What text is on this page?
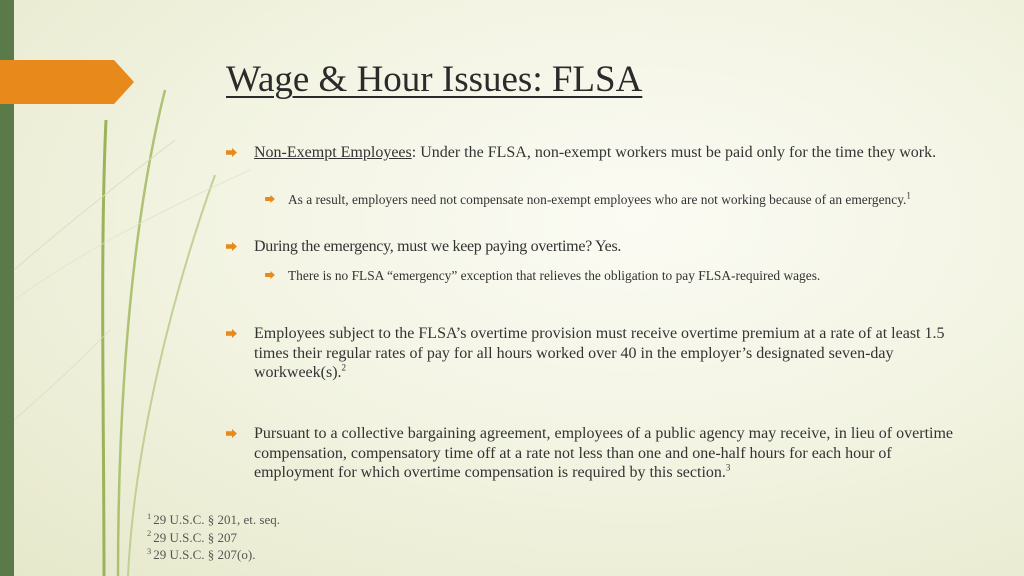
Wage & Hour Issues: FLSA
Non-Exempt Employees: Under the FLSA, non-exempt workers must be paid only for the time they work.
As a result, employers need not compensate non-exempt employees who are not working because of an emergency.$^1$
During the emergency, must we keep paying overtime? Yes.
There is no FLSA “emergency” exception that relieves the obligation to pay FLSA-required wages.
Employees subject to the FLSA’s overtime provision must receive overtime premium at a rate of at least 1.5 times their regular rates of pay for all hours worked over 40 in the employer’s designated seven-day workweek(s).$^2$
Pursuant to a collective bargaining agreement, employees of a public agency may receive, in lieu of overtime compensation, compensatory time off at a rate not less than one and one-half hours for each hour of employment for which overtime compensation is required by this section.$^3$
$^1$ 29 U.S.C. § 201, et. seq.
$^2$ 29 U.S.C. § 207
$^3$ 29 U.S.C. § 207(o).
